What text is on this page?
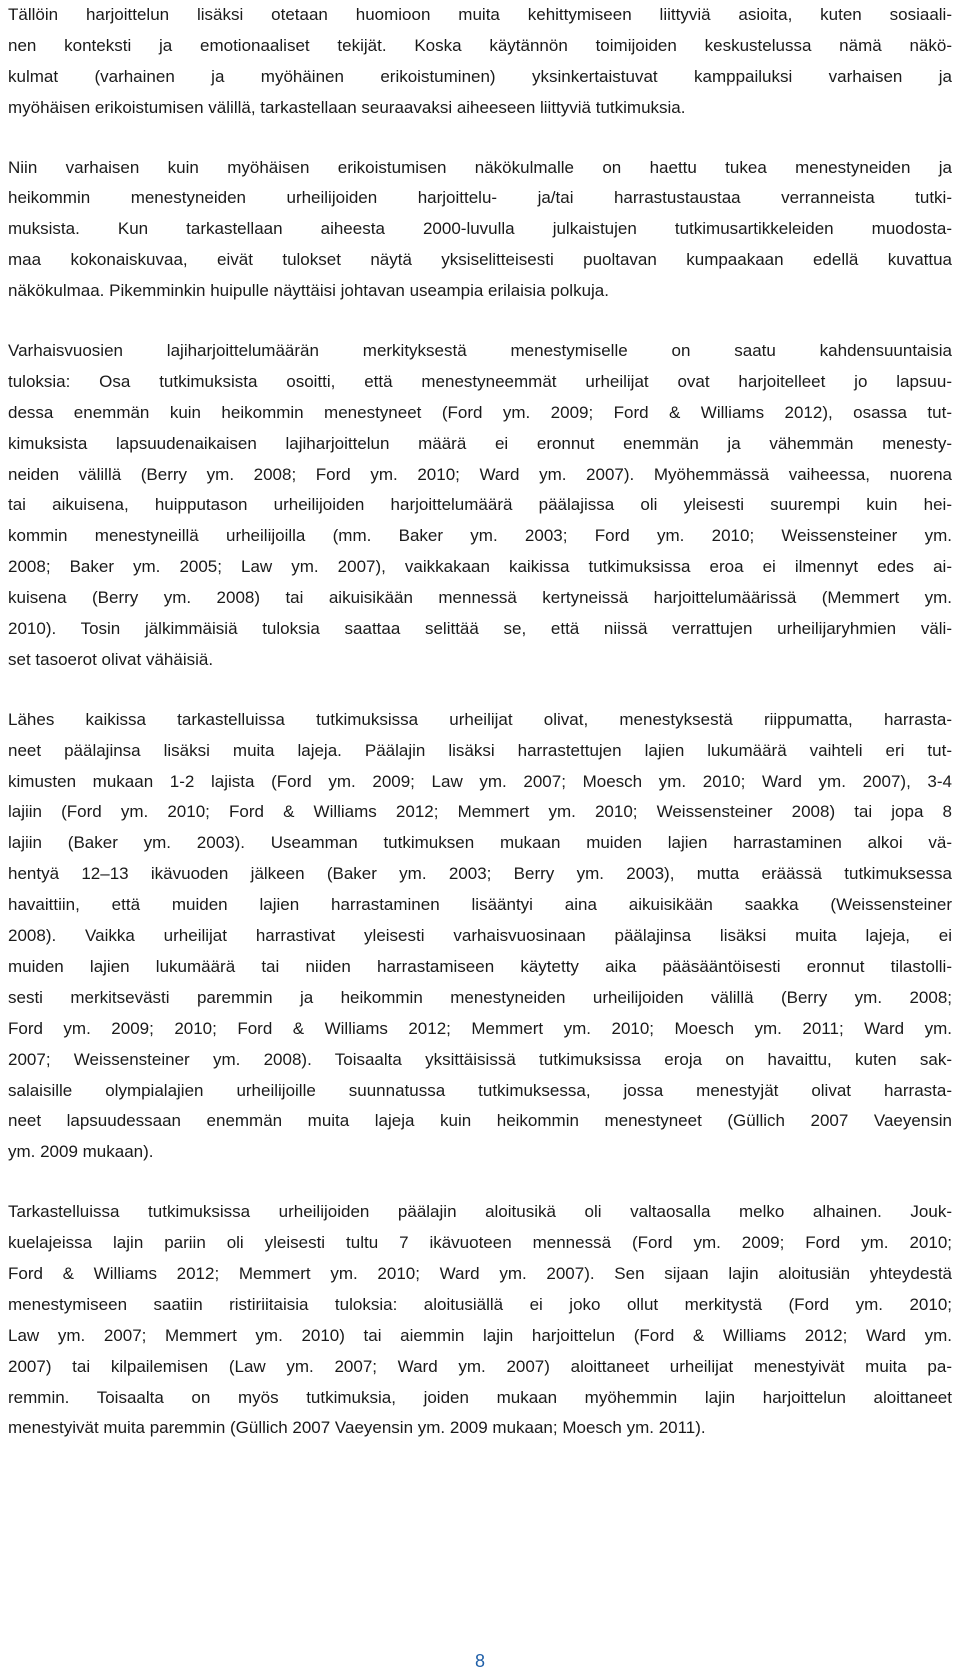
Tällöin harjoittelun lisäksi otetaan huomioon muita kehittymiseen liittyviä asioita, kuten sosiaali-
nen konteksti ja emotionaaliset tekijät. Koska käytännön toimijoiden keskustelussa nämä näkö-
kulmat (varhainen ja myöhäinen erikoistuminen) yksinkertaistuvat kamppailuksi varhaisen ja
myöhäisen erikoistumisen välillä, tarkastellaan seuraavaksi aiheeseen liittyviä tutkimuksia.
Niin varhaisen kuin myöhäisen erikoistumisen näkökulmalle on haettu tukea menestyneiden ja
heikommin menestyneiden urheilijoiden harjoittelu- ja/tai harrastustaustaa verranneista tutki-
muksista. Kun tarkastellaan aiheesta 2000-luvulla julkaistujen tutkimusartikkeleiden muodosta-
maa kokonaiskuvaa, eivät tulokset näytä yksiselitteisesti puoltavan kumpaakaan edellä kuvattua
näkökulmaa. Pikemminkin huipulle näyttäisi johtavan useampia erilaisia polkuja.
Varhaisvuosien lajiharjoittelumäärän merkityksestä menestymiselle on saatu kahdensuuntaisia
tuloksia: Osa tutkimuksista osoitti, että menestyneemmät urheilijat ovat harjoitelleet jo lapsuu-
dessa enemmän kuin heikommin menestyneet (Ford ym. 2009; Ford & Williams 2012), osassa tut-
kimuksista lapsuudenaikaisen lajiharjoittelun määrä ei eronnut enemmän ja vähemmän menesty-
neiden välillä (Berry ym. 2008; Ford ym. 2010; Ward ym. 2007). Myöhemmässä vaiheessa, nuorena
tai aikuisena, huipputason urheilijoiden harjoittelumäärä päälajissa oli yleisesti suurempi kuin hei-
kommin menestyneillä urheilijoilla (mm. Baker ym. 2003; Ford ym. 2010; Weissensteiner ym.
2008; Baker ym. 2005; Law ym. 2007), vaikkakaan kaikissa tutkimuksissa eroa ei ilmennyt edes ai-
kuisena (Berry ym. 2008) tai aikuisikään mennessä kertyneissä harjoittelumäärissä (Memmert ym.
2010). Tosin jälkimmäisiä tuloksia saattaa selittää se, että niissä verrattujen urheilijaryhmien väli-
set tasoerot olivat vähäisiä.
Lähes kaikissa tarkastelluissa tutkimuksissa urheilijat olivat, menestyksestä riippumatta, harrasta-
neet päälajinsa lisäksi muita lajeja. Päälajin lisäksi harrastettujen lajien lukumäärä vaihteli eri tut-
kimusten mukaan 1-2 lajista (Ford ym. 2009; Law ym. 2007; Moesch ym. 2010; Ward ym. 2007), 3-4
lajiin (Ford ym. 2010; Ford & Williams 2012; Memmert ym. 2010; Weissensteiner 2008) tai jopa 8
lajiin (Baker ym. 2003). Useamman tutkimuksen mukaan muiden lajien harrastaminen alkoi vä-
hentyä 12–13 ikävuoden jälkeen (Baker ym. 2003; Berry ym. 2003), mutta eräässä tutkimuksessa
havaittiin, että muiden lajien harrastaminen lisääntyi aina aikuisikään saakka (Weissensteiner
2008). Vaikka urheilijat harrastivat yleisesti varhaisvuosinaan päälajinsa lisäksi muita lajeja, ei
muiden lajien lukumäärä tai niiden harrastamiseen käytetty aika pääsääntöisesti eronnut tilastolli-
sesti merkitsevästi paremmin ja heikommin menestyneiden urheilijoiden välillä (Berry ym. 2008;
Ford ym. 2009; 2010; Ford & Williams 2012; Memmert ym. 2010; Moesch ym. 2011; Ward ym.
2007; Weissensteiner ym. 2008). Toisaalta yksittäisissä tutkimuksissa eroja on havaittu, kuten sak-
salaisille olympialajien urheilijoille suunnatussa tutkimuksessa, jossa menestyjät olivat harrasta-
neet lapsuudessaan enemmän muita lajeja kuin heikommin menestyneet (Güllich 2007 Vaeyensin
ym. 2009 mukaan).
Tarkastelluissa tutkimuksissa urheilijoiden päälajin aloitusikä oli valtaosalla melko alhainen. Jouk-
kuelajeissa lajin pariin oli yleisesti tultu 7 ikävuoteen mennessä (Ford ym. 2009; Ford ym. 2010;
Ford & Williams 2012; Memmert ym. 2010; Ward ym. 2007). Sen sijaan lajin aloitusiän yhteydestä
menestymiseen saatiin ristiriitaisia tuloksia: aloitusiällä ei joko ollut merkitystä (Ford ym. 2010;
Law ym. 2007; Memmert ym. 2010) tai aiemmin lajin harjoittelun (Ford & Williams 2012; Ward ym.
2007) tai kilpailemisen (Law ym. 2007; Ward ym. 2007) aloittaneet urheilijat menestyivät muita pa-
remmin. Toisaalta on myös tutkimuksia, joiden mukaan myöhemmin lajin harjoittelun aloittaneet
menestyivät muita paremmin (Güllich 2007 Vaeyensin ym. 2009 mukaan; Moesch ym. 2011).
8
